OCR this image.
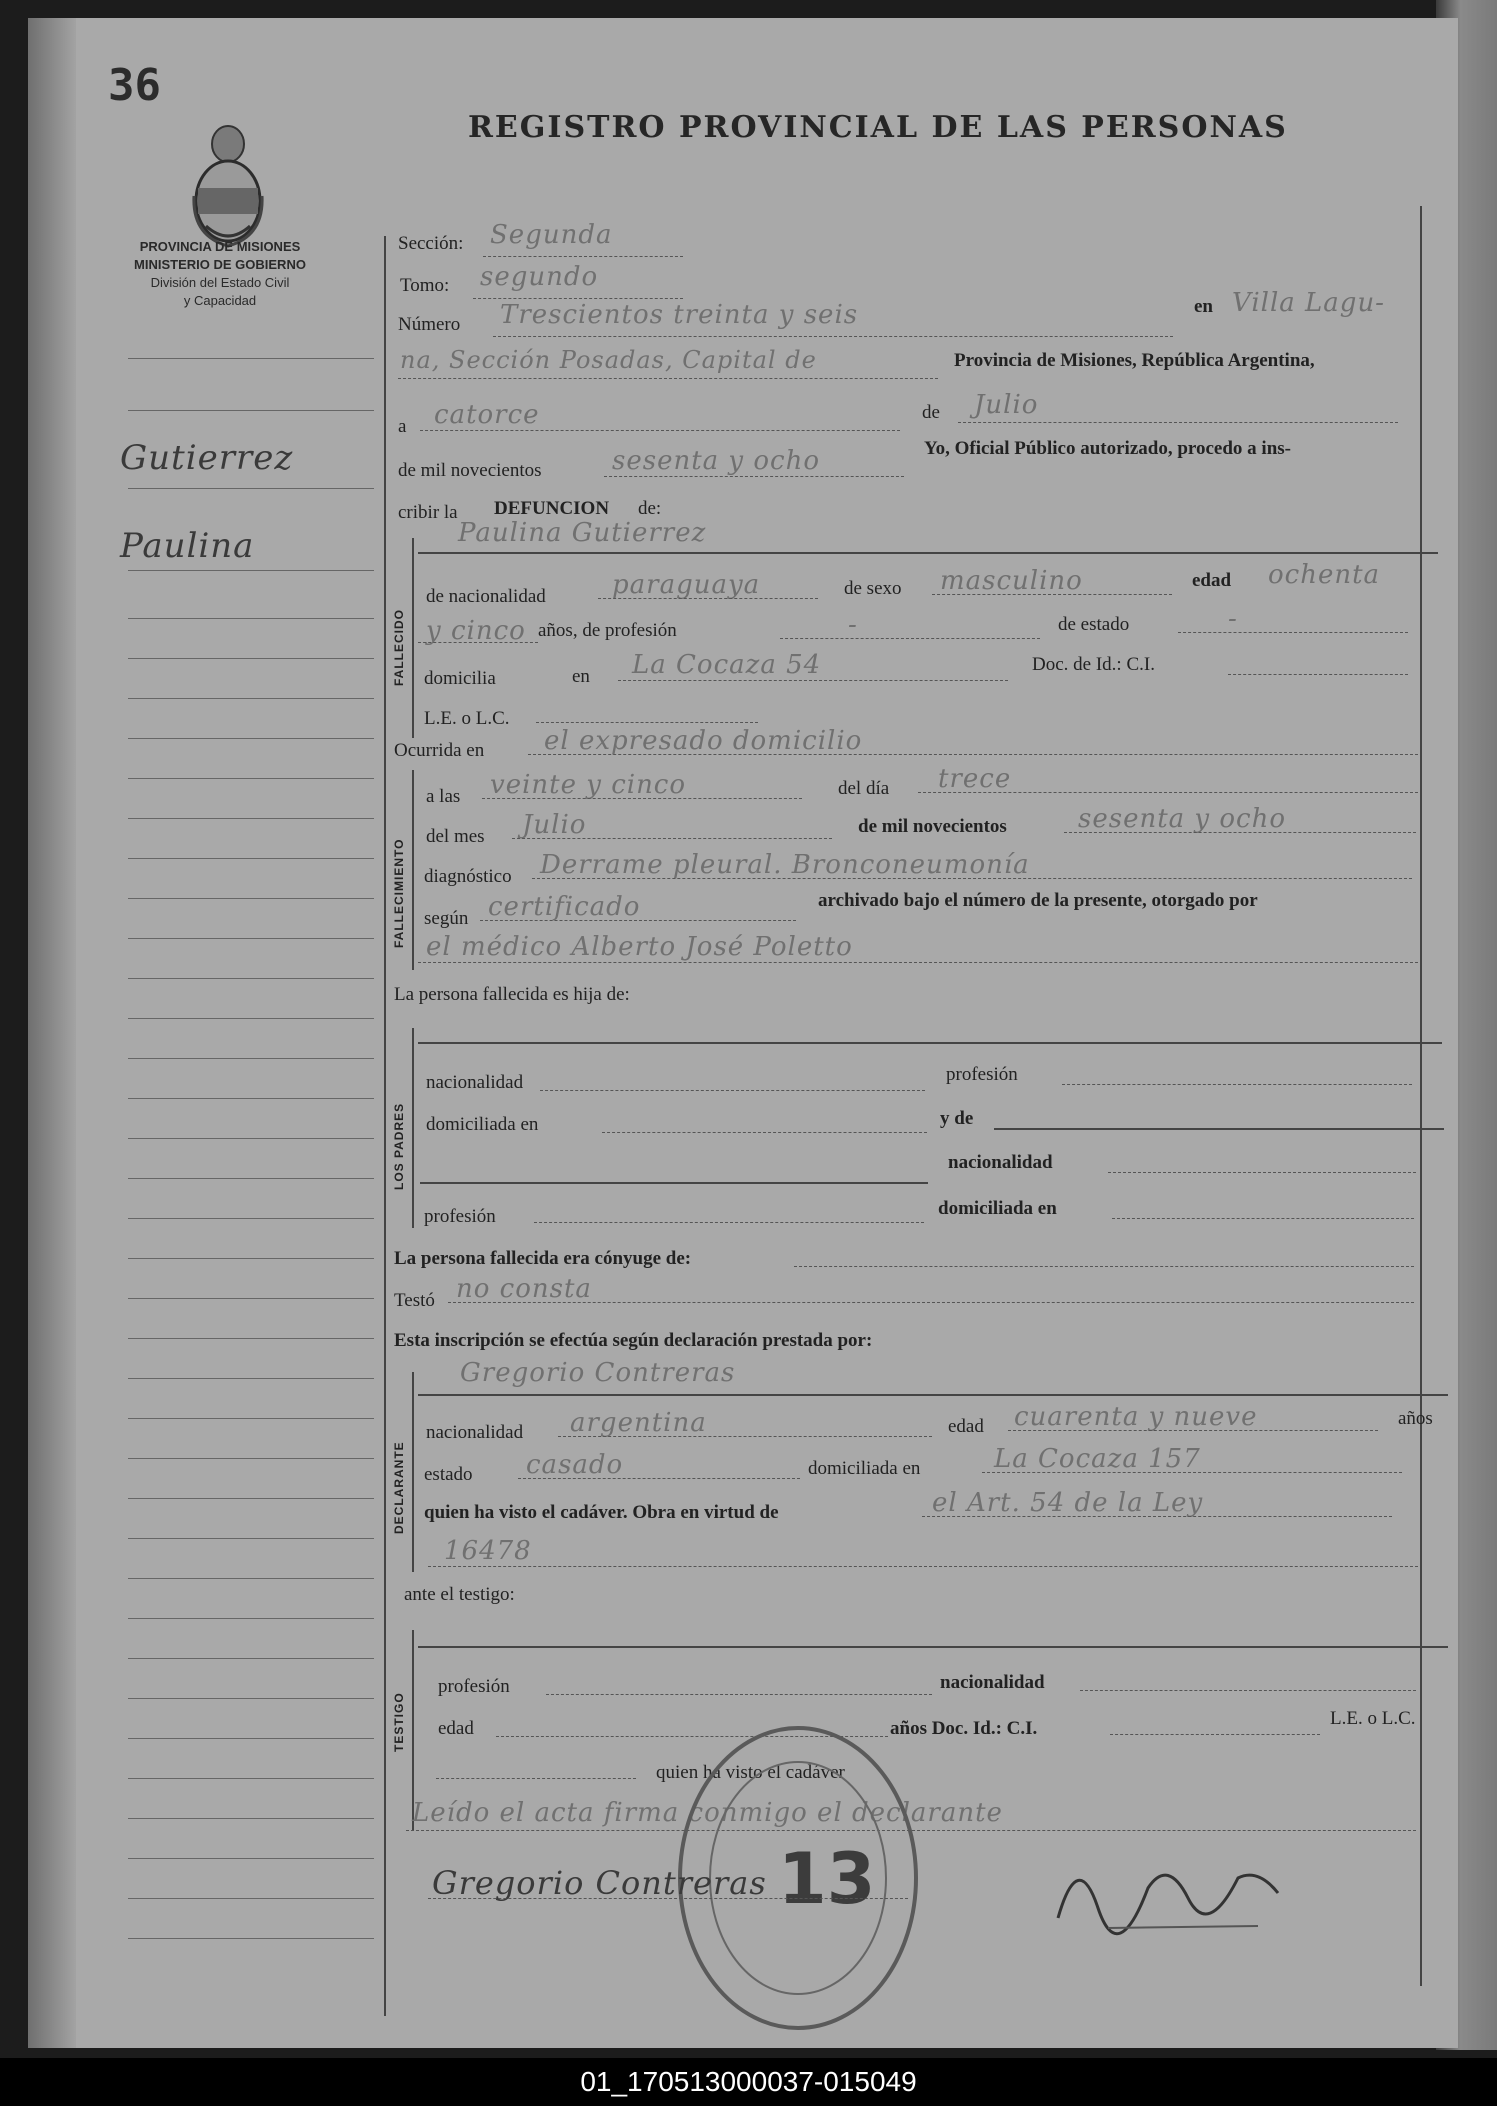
36
REGISTRO PROVINCIAL DE LAS PERSONAS
PROVINCIA DE MISIONES
MINISTERIO DE GOBIERNO
División del Estado Civil
y Capacidad
Gutierrez
Paulina
Sección: Segunda
Tomo: segundo
Número Trescientos treinta y seis	en Villa Lagu-
na, Sección Posadas, Capital de	Provincia de Misiones, República Argentina,
a catorce	de Julio
de mil novecientos	sesenta y ocho	Yo, Oficial Público autorizado, procedo a ins-
cribir la DEFUNCION de:
FALLECIDO
Paulina Gutierrez
de nacionalidad	paraguaya	de sexo masculino	edad ochenta
y cinco años, de profesión	-	de estado	-
domicilia	en La Cocaza 54	Doc. de Id.: C.I.
L.E. o L.C.
Ocurrida en el expresado domicilio
FALLECIMIENTO
a las veinte y cinco	del día trece
del mes Julio	de mil novecientos	sesenta y ocho
diagnóstico Derrame pleural. Bronconeumonía
según certificado	archivado bajo el número de la presente, otorgado por
el médico Alberto José Poletto
La persona fallecida es hija de:
LOS PADRES
nacionalidad	profesión
domiciliada en	y de
nacionalidad
profesión	domiciliada en
La persona fallecida era cónyuge de:
Testó no consta
Esta inscripción se efectúa según declaración prestada por:
DECLARANTE
Gregorio Contreras
nacionalidad argentina	edad cuarenta y nueve	años
estado casado	domiciliada en	La Cocaza 157
quien ha visto el cadáver. Obra en virtud de	el Art. 54 de la Ley
16478
ante el testigo:
TESTIGO
profesión	nacionalidad
edad	años Doc. Id.: C.I.	L.E. o L.C.
quien ha visto el cadáver
Leído el acta firma conmigo el declarante
13
Gregorio Contreras
01_170513000037-015049
